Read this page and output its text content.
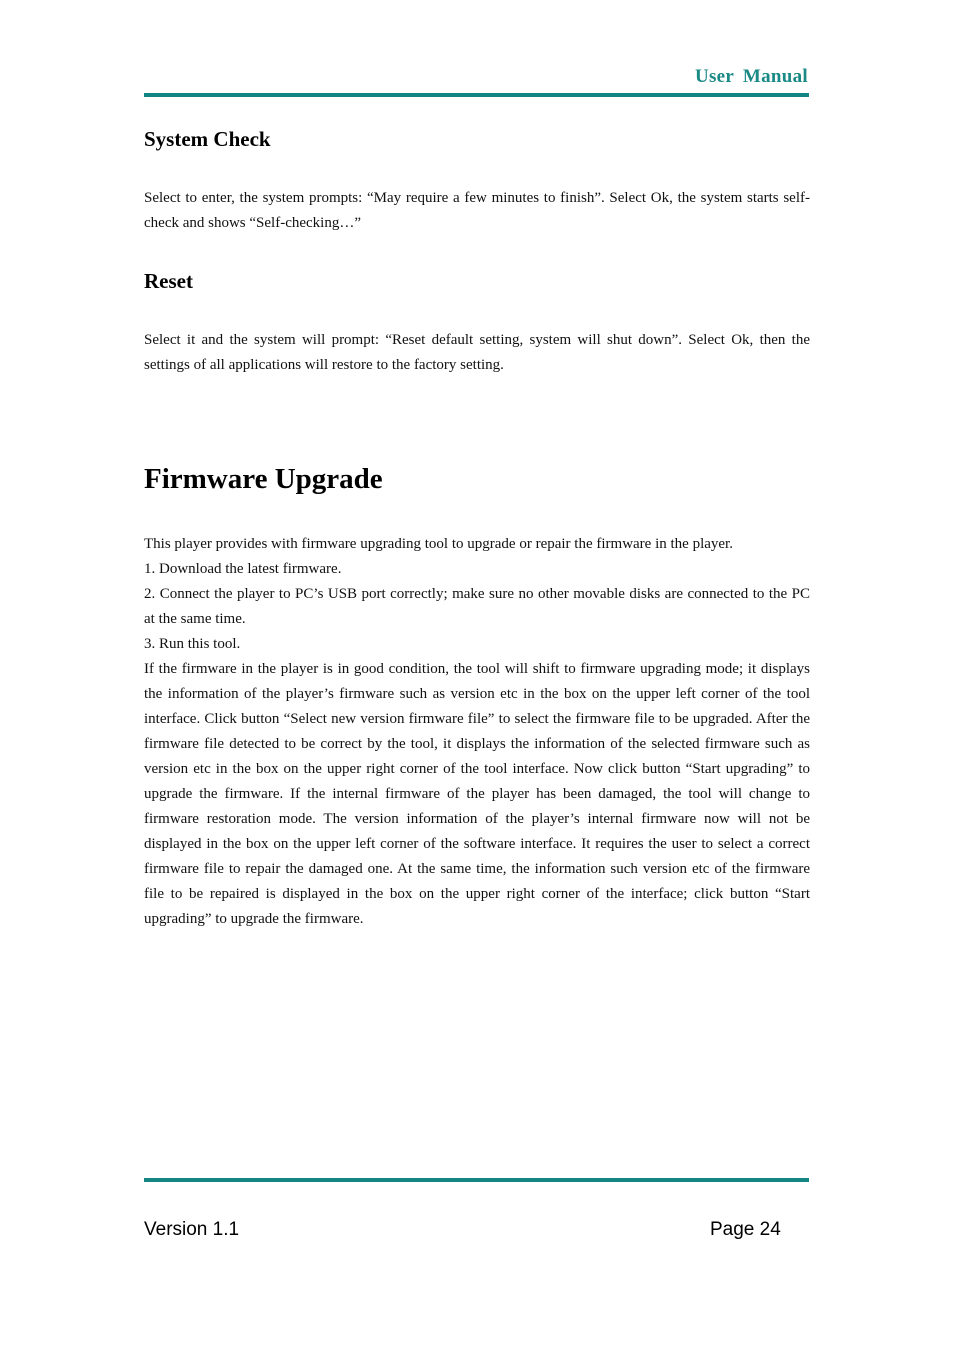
User Manual
System Check

Select to enter, the system prompts: “May require a few minutes to finish”. Select Ok, the system starts self-check and shows “Self-checking…”

Reset

Select it and the system will prompt: “Reset default setting, system will shut down”. Select Ok, then the settings of all applications will restore to the factory setting.

Firmware Upgrade

This player provides with firmware upgrading tool to upgrade or repair the firmware in the player.

1. Download the latest firmware.

2. Connect the player to PC’s USB port correctly; make sure no other movable disks are connected to the PC at the same time.

3. Run this tool.

If the firmware in the player is in good condition, the tool will shift to firmware upgrading mode; it displays the information of the player’s firmware such as version etc in the box on the upper left corner of the tool interface. Click button “Select new version firmware file” to select the firmware file to be upgraded. After the firmware file detected to be correct by the tool, it displays the information of the selected firmware such as version etc in the box on the upper right corner of the tool interface. Now click button “Start upgrading” to upgrade the firmware. If the internal firmware of the player has been damaged, the tool will change to firmware restoration mode. The version information of the player’s internal firmware now will not be displayed in the box on the upper left corner of the software interface. It requires the user to select a correct firmware file to repair the damaged one. At the same time, the information such version etc of the firmware file to be repaired is displayed in the box on the upper right corner of the interface; click button “Start upgrading” to upgrade the firmware.

Version 1.1	Page 24
